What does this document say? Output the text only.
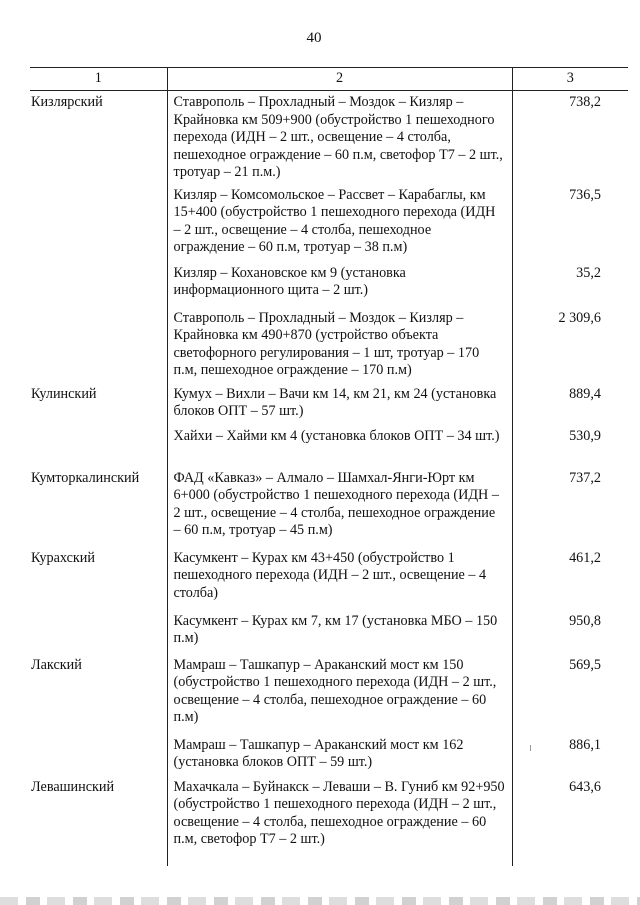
40
1	2	3
Кизлярский	Ставрополь – Прохладный – Моздок – Кизляр – Крайновка км 509+900 (обустройство 1 пешеходного перехода (ИДН – 2 шт., освещение – 4 столба, пешеходное ограждение – 60 п.м, светофор Т7 – 2 шт., тротуар – 21 п.м.)	738,2
	Кизляр – Комсомольское – Рассвет – Карабаглы, км 15+400 (обустройство 1 пешеходного перехода (ИДН – 2 шт., освещение – 4 столба, пешеходное ограждение – 60 п.м, тротуар – 38 п.м)	736,5
	Кизляр – Кохановское км 9 (установка информационного щита – 2 шт.)	35,2
	Ставрополь – Прохладный – Моздок – Кизляр – Крайновка км 490+870 (устройство объекта светофорного регулирования – 1 шт, тротуар – 170 п.м, пешеходное ограждение – 170 п.м)	2 309,6
Кулинский	Кумух – Вихли – Вачи км 14, км 21, км 24 (установка блоков ОПТ – 57 шт.)	889,4
	Хайхи – Хайми км 4 (установка блоков ОПТ – 34 шт.)	530,9
Кумторкалинский	ФАД «Кавказ» – Алмало – Шамхал-Янги-Юрт км 6+000 (обустройство 1 пешеходного перехода (ИДН – 2 шт., освещение – 4 столба, пешеходное ограждение – 60 п.м, тротуар – 45 п.м)	737,2
Курахский	Касумкент – Курах км 43+450 (обустройство 1 пешеходного перехода (ИДН – 2 шт., освещение – 4 столба)	461,2
	Касумкент – Курах км 7, км 17 (установка МБО – 150 п.м)	950,8
Лакский	Мамраш – Ташкапур – Араканский мост км 150 (обустройство 1 пешеходного перехода (ИДН – 2 шт., освещение – 4 столба, пешеходное ограждение – 60 п.м)	569,5
	Мамраш – Ташкапур – Араканский мост км 162 (установка блоков ОПТ – 59 шт.)	886,1
Левашинский	Махачкала – Буйнакск – Леваши – В. Гуниб км 92+950 (обустройство 1 пешеходного перехода (ИДН – 2 шт., освещение – 4 столба, пешеходное ограждение – 60 п.м, светофор Т7 – 2 шт.)	643,6
